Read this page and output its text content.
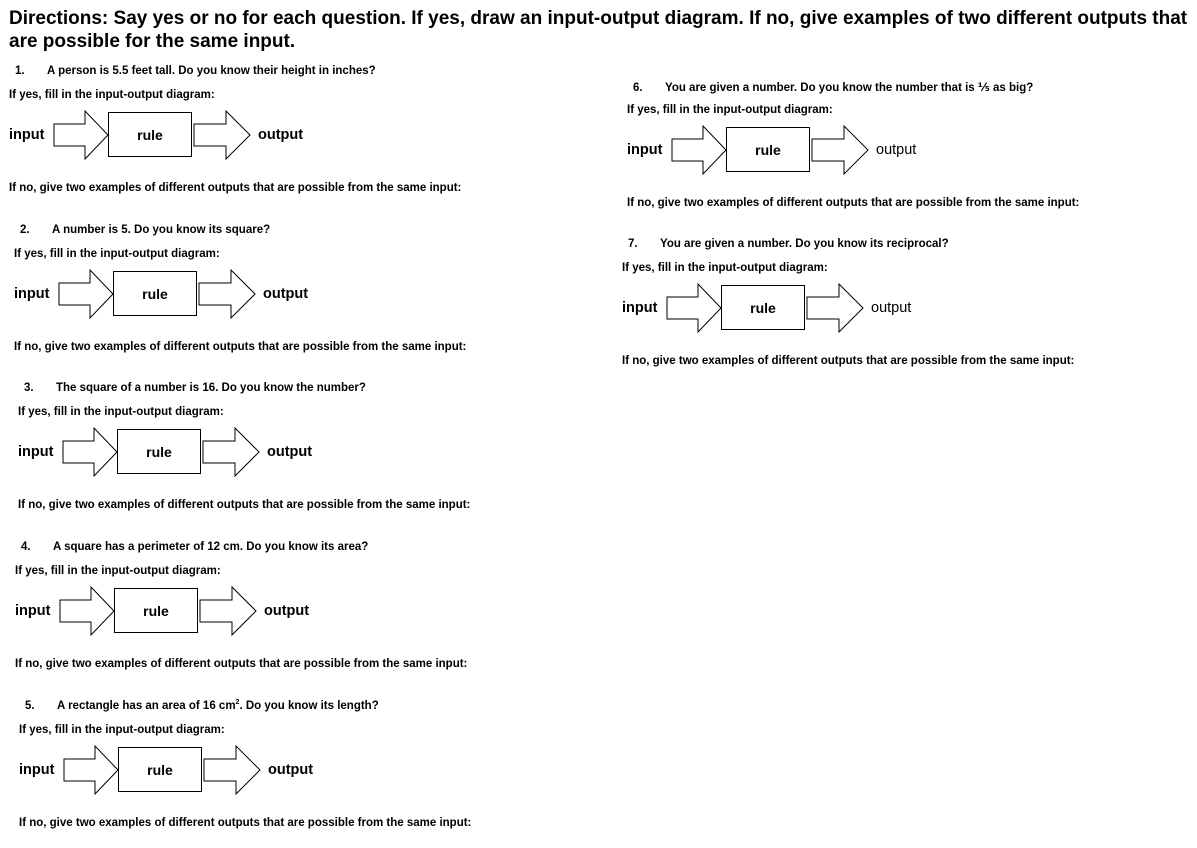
Directions: Say yes or no for each question. If yes, draw an input-output diagram. If no, give examples of two different outputs that are possible for the same input.
1. A person is 5.5 feet tall. Do you know their height in inches?
If yes, fill in the input-output diagram:
input	rule	output
If no, give two examples of different outputs that are possible from the same input:
2. A number is 5. Do you know its square?
If yes, fill in the input-output diagram:
input	rule	output
If no, give two examples of different outputs that are possible from the same input:
3. The square of a number is 16. Do you know the number?
If yes, fill in the input-output diagram:
input	rule	output
If no, give two examples of different outputs that are possible from the same input:
4. A square has a perimeter of 12 cm. Do you know its area?
If yes, fill in the input-output diagram:
input	rule	output
If no, give two examples of different outputs that are possible from the same input:
5. A rectangle has an area of 16 $cm^2$. Do you know its length?
If yes, fill in the input-output diagram:
input	rule	output
If no, give two examples of different outputs that are possible from the same input:
6. You are given a number. Do you know the number that is ⅕ as big?
If yes, fill in the input-output diagram:
input	rule	output
If no, give two examples of different outputs that are possible from the same input:
7. You are given a number. Do you know its reciprocal?
If yes, fill in the input-output diagram:
input	rule	output
If no, give two examples of different outputs that are possible from the same input:
